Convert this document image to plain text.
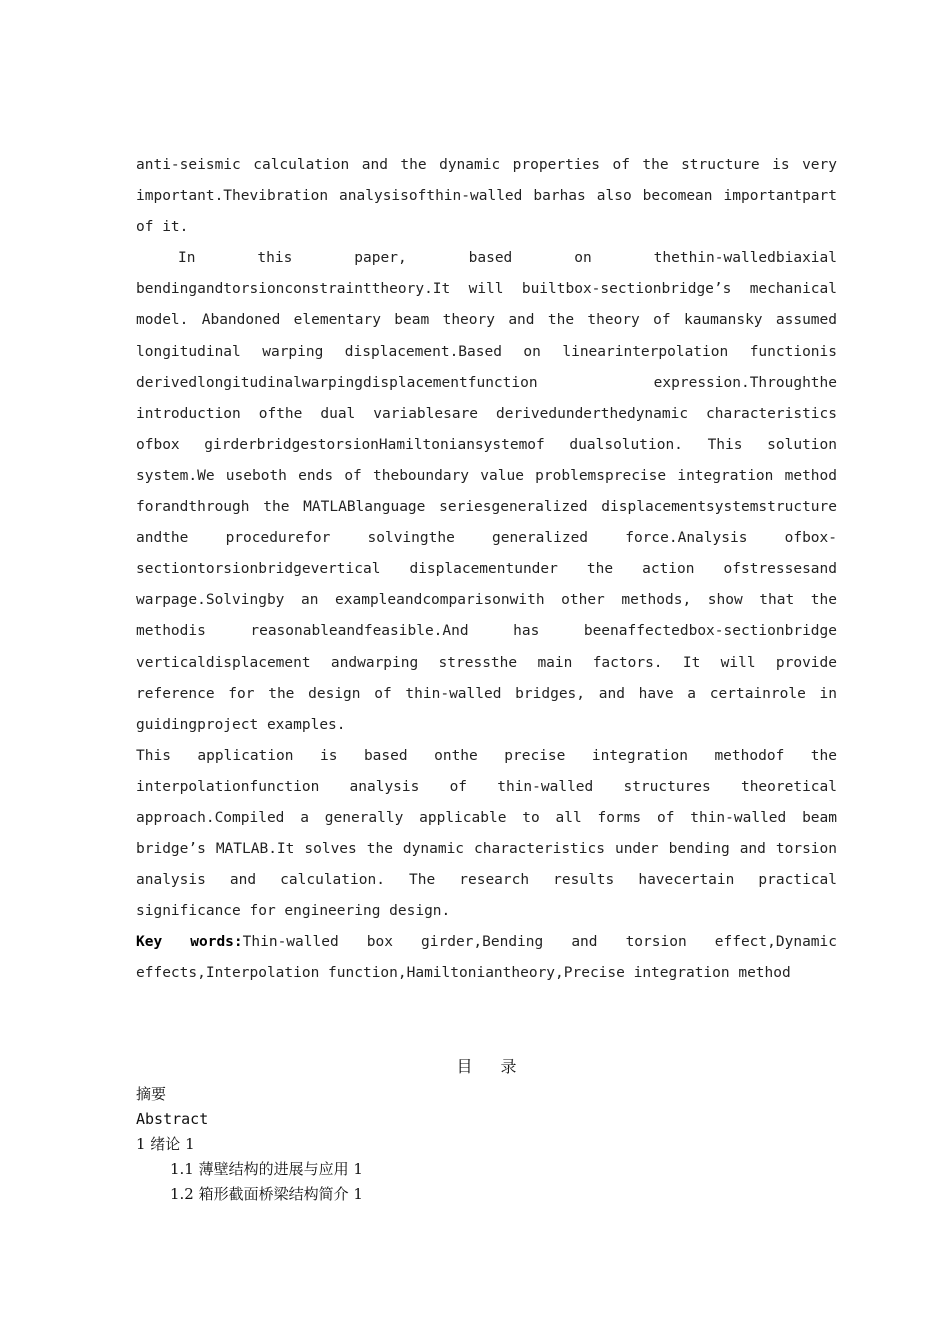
anti-seismic calculation and the dynamic properties of the structure is very important.Thevibration analysisofthin-walled barhas also becomean importantpart of it.

In this paper, based on thethin-walledbiaxial bendingandtorsionconstrainttheory.It will builtbox-sectionbridge’s mechanical model. Abandoned elementary beam theory and the theory of kaumansky assumed longitudinal warping displacement.Based on linearinterpolation functionis derivedlongitudinalwarpingdisplacementfunction expression.Throughthe introduction ofthe dual variablesare derivedunderthedynamic characteristics ofbox girderbridgestorsionHamiltoniansystemof dualsolution. This solution system.We useboth ends of theboundary value problemsprecise integration method forandthrough the MATLABlanguage seriesgeneralized displacementsystemstructure andthe procedurefor solvingthe generalized force.Analysis ofbox-sectiontorsionbridgevertical displacementunder the action ofstressesand warpage.Solvingby an exampleandcomparisonwith other methods, show that the methodis reasonableandfeasible.And has beenaffectedbox-sectionbridge verticaldisplacement andwarping stressthe main factors. It will provide reference for the design of thin-walled bridges, and have a certainrole in guidingproject examples.

This application is based onthe precise integration methodof the interpolationfunction analysis of thin-walled structures theoretical approach.Compiled a generally applicable to all forms of thin-walled beam bridge’s MATLAB.It solves the dynamic characteristics under bending and torsion analysis and calculation. The research results havecertain practical significance for engineering design.

Key words:Thin-walled box girder,Bending and torsion effect,Dynamic effects,Interpolation function,Hamiltoniantheory,Precise integration method

目录
摘要
Abstract
1 绪论 1
1.1 薄壁结构的进展与应用 1
1.2 箱形截面桥梁结构简介 1
